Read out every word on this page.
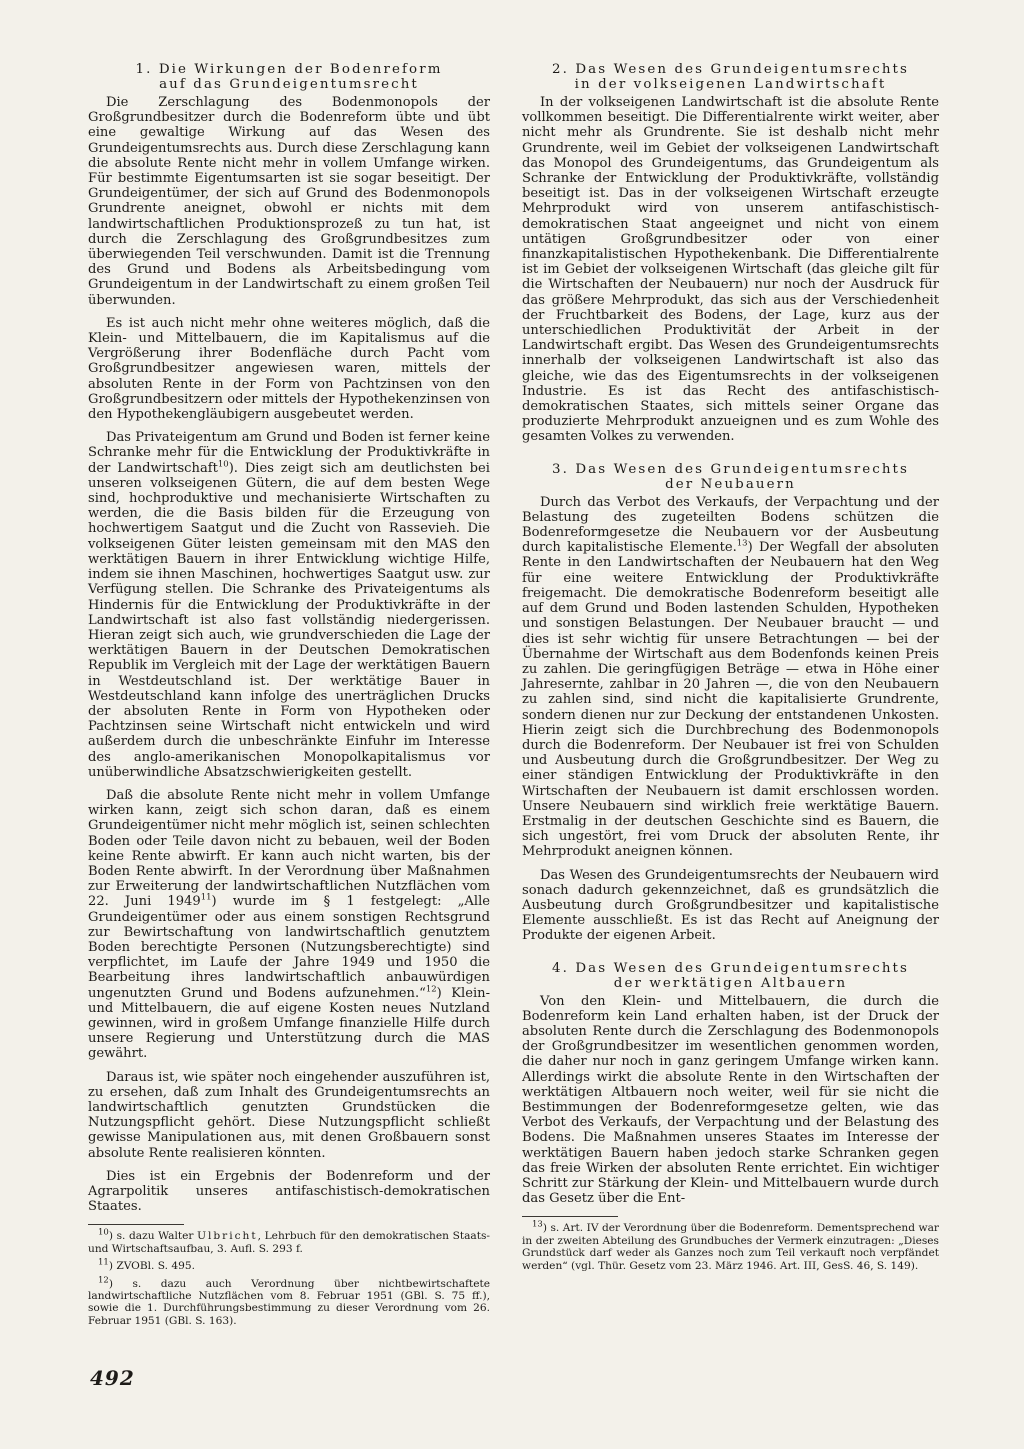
1. Die Wirkungen der Bodenreform
auf das Grundeigentumsrecht

Die Zerschlagung des Bodenmonopols der Großgrundbesitzer durch die Bodenreform übte und übt eine gewaltige Wirkung auf das Wesen des Grundeigentumsrechts aus. Durch diese Zerschlagung kann die absolute Rente nicht mehr in vollem Umfange wirken. Für bestimmte Eigentumsarten ist sie sogar beseitigt. Der Grundeigentümer, der sich auf Grund des Bodenmonopols Grundrente aneignet, obwohl er nichts mit dem landwirtschaftlichen Produktionsprozeß zu tun hat, ist durch die Zerschlagung des Großgrundbesitzes zum überwiegenden Teil verschwunden. Damit ist die Trennung des Grund und Bodens als Arbeitsbedingung vom Grundeigentum in der Landwirtschaft zu einem großen Teil überwunden.

Es ist auch nicht mehr ohne weiteres möglich, daß die Klein- und Mittelbauern, die im Kapitalismus auf die Vergrößerung ihrer Bodenfläche durch Pacht vom Großgrundbesitzer angewiesen waren, mittels der absoluten Rente in der Form von Pachtzinsen von den Großgrundbesitzern oder mittels der Hypothekenzinsen von den Hypothekengläubigern ausgebeutet werden.

Das Privateigentum am Grund und Boden ist ferner keine Schranke mehr für die Entwicklung der Produktivkräfte in der Landwirtschaft$^{10}$). Dies zeigt sich am deutlichsten bei unseren volkseigenen Gütern, die auf dem besten Wege sind, hochproduktive und mechanisierte Wirtschaften zu werden, die die Basis bilden für die Erzeugung von hochwertigem Saatgut und die Zucht von Rassevieh. Die volkseigenen Güter leisten gemeinsam mit den MAS den werktätigen Bauern in ihrer Entwicklung wichtige Hilfe, indem sie ihnen Maschinen, hochwertiges Saatgut usw. zur Verfügung stellen. Die Schranke des Privateigentums als Hindernis für die Entwicklung der Produktivkräfte in der Landwirtschaft ist also fast vollständig niedergerissen. Hieran zeigt sich auch, wie grundverschieden die Lage der werktätigen Bauern in der Deutschen Demokratischen Republik im Vergleich mit der Lage der werktätigen Bauern in Westdeutschland ist. Der werktätige Bauer in Westdeutschland kann infolge des unerträglichen Drucks der absoluten Rente in Form von Hypotheken oder Pachtzinsen seine Wirtschaft nicht entwickeln und wird außerdem durch die unbeschränkte Einfuhr im Interesse des anglo-amerikanischen Monopolkapitalismus vor unüberwindliche Absatzschwierigkeiten gestellt.

Daß die absolute Rente nicht mehr in vollem Umfange wirken kann, zeigt sich schon daran, daß es einem Grundeigentümer nicht mehr möglich ist, seinen schlechten Boden oder Teile davon nicht zu bebauen, weil der Boden keine Rente abwirft. Er kann auch nicht warten, bis der Boden Rente abwirft. In der Verordnung über Maßnahmen zur Erweiterung der landwirtschaftlichen Nutzflächen vom 22. Juni 1949$^{11}$) wurde im § 1 festgelegt: „Alle Grundeigentümer oder aus einem sonstigen Rechtsgrund zur Bewirtschaftung von landwirtschaftlich genutztem Boden berechtigte Personen (Nutzungsberechtigte) sind verpflichtet, im Laufe der Jahre 1949 und 1950 die Bearbeitung ihres landwirtschaftlich anbauwürdigen ungenutzten Grund und Bodens aufzunehmen.“$^{12}$) Klein- und Mittelbauern, die auf eigene Kosten neues Nutzland gewinnen, wird in großem Umfange finanzielle Hilfe durch unsere Regierung und Unterstützung durch die MAS gewährt.

Daraus ist, wie später noch eingehender auszuführen ist, zu ersehen, daß zum Inhalt des Grundeigentumsrechts an landwirtschaftlich genutzten Grundstücken die Nutzungspflicht gehört. Diese Nutzungspflicht schließt gewisse Manipulationen aus, mit denen Großbauern sonst absolute Rente realisieren könnten.

Dies ist ein Ergebnis der Bodenreform und der Agrarpolitik unseres antifaschistisch-demokratischen Staates.

$^{10}$) s. dazu Walter Ulbricht, Lehrbuch für den demokratischen Staats- und Wirtschaftsaufbau, 3. Aufl. S. 293 f.

$^{11}$) ZVOBl. S. 495.

$^{12}$) s. dazu auch Verordnung über nichtbewirtschaftete landwirtschaftliche Nutzflächen vom 8. Februar 1951 (GBl. S. 75 ff.), sowie die 1. Durchführungsbestimmung zu dieser Verordnung vom 26. Februar 1951 (GBl. S. 163).

2. Das Wesen des Grundeigentumsrechts
in der volkseigenen Landwirtschaft

In der volkseigenen Landwirtschaft ist die absolute Rente vollkommen beseitigt. Die Differentialrente wirkt weiter, aber nicht mehr als Grundrente. Sie ist deshalb nicht mehr Grundrente, weil im Gebiet der volkseigenen Landwirtschaft das Monopol des Grundeigentums, das Grundeigentum als Schranke der Entwicklung der Produktivkräfte, vollständig beseitigt ist. Das in der volkseigenen Wirtschaft erzeugte Mehrprodukt wird von unserem antifaschistisch-demokratischen Staat angeeignet und nicht von einem untätigen Großgrundbesitzer oder von einer finanzkapitalistischen Hypothekenbank. Die Differentialrente ist im Gebiet der volkseigenen Wirtschaft (das gleiche gilt für die Wirtschaften der Neubauern) nur noch der Ausdruck für das größere Mehrprodukt, das sich aus der Verschiedenheit der Fruchtbarkeit des Bodens, der Lage, kurz aus der unterschiedlichen Produktivität der Arbeit in der Landwirtschaft ergibt. Das Wesen des Grundeigentumsrechts innerhalb der volkseigenen Landwirtschaft ist also das gleiche, wie das des Eigentumsrechts in der volkseigenen Industrie. Es ist das Recht des antifaschistisch-demokratischen Staates, sich mittels seiner Organe das produzierte Mehrprodukt anzueignen und es zum Wohle des gesamten Volkes zu verwenden.

3. Das Wesen des Grundeigentumsrechts
der Neubauern

Durch das Verbot des Verkaufs, der Verpachtung und der Belastung des zugeteilten Bodens schützen die Bodenreformgesetze die Neubauern vor der Ausbeutung durch kapitalistische Elemente.$^{13}$) Der Wegfall der absoluten Rente in den Landwirtschaften der Neubauern hat den Weg für eine weitere Entwicklung der Produktivkräfte freigemacht. Die demokratische Bodenreform beseitigt alle auf dem Grund und Boden lastenden Schulden, Hypotheken und sonstigen Belastungen. Der Neubauer braucht — und dies ist sehr wichtig für unsere Betrachtungen — bei der Übernahme der Wirtschaft aus dem Bodenfonds keinen Preis zu zahlen. Die geringfügigen Beträge — etwa in Höhe einer Jahresernte, zahlbar in 20 Jahren —, die von den Neubauern zu zahlen sind, sind nicht die kapitalisierte Grundrente, sondern dienen nur zur Deckung der entstandenen Unkosten. Hierin zeigt sich die Durchbrechung des Bodenmonopols durch die Bodenreform. Der Neubauer ist frei von Schulden und Ausbeutung durch die Großgrundbesitzer. Der Weg zu einer ständigen Entwicklung der Produktivkräfte in den Wirtschaften der Neubauern ist damit erschlossen worden. Unsere Neubauern sind wirklich freie werktätige Bauern. Erstmalig in der deutschen Geschichte sind es Bauern, die sich ungestört, frei vom Druck der absoluten Rente, ihr Mehrprodukt aneignen können.

Das Wesen des Grundeigentumsrechts der Neubauern wird sonach dadurch gekennzeichnet, daß es grundsätzlich die Ausbeutung durch Großgrundbesitzer und kapitalistische Elemente ausschließt. Es ist das Recht auf Aneignung der Produkte der eigenen Arbeit.

4. Das Wesen des Grundeigentumsrechts
der werktätigen Altbauern

Von den Klein- und Mittelbauern, die durch die Bodenreform kein Land erhalten haben, ist der Druck der absoluten Rente durch die Zerschlagung des Bodenmonopols der Großgrundbesitzer im wesentlichen genommen worden, die daher nur noch in ganz geringem Umfange wirken kann. Allerdings wirkt die absolute Rente in den Wirtschaften der werktätigen Altbauern noch weiter, weil für sie nicht die Bestimmungen der Bodenreformgesetze gelten, wie das Verbot des Verkaufs, der Verpachtung und der Belastung des Bodens. Die Maßnahmen unseres Staates im Interesse der werktätigen Bauern haben jedoch starke Schranken gegen das freie Wirken der absoluten Rente errichtet. Ein wichtiger Schritt zur Stärkung der Klein- und Mittelbauern wurde durch das Gesetz über die Ent-

$^{13}$) s. Art. IV der Verordnung über die Bodenreform. Dementsprechend war in der zweiten Abteilung des Grundbuches der Vermerk einzutragen: „Dieses Grundstück darf weder als Ganzes noch zum Teil verkauft noch verpfändet werden“ (vgl. Thür. Gesetz vom 23. März 1946. Art. III, GesS. 46, S. 149).

492
